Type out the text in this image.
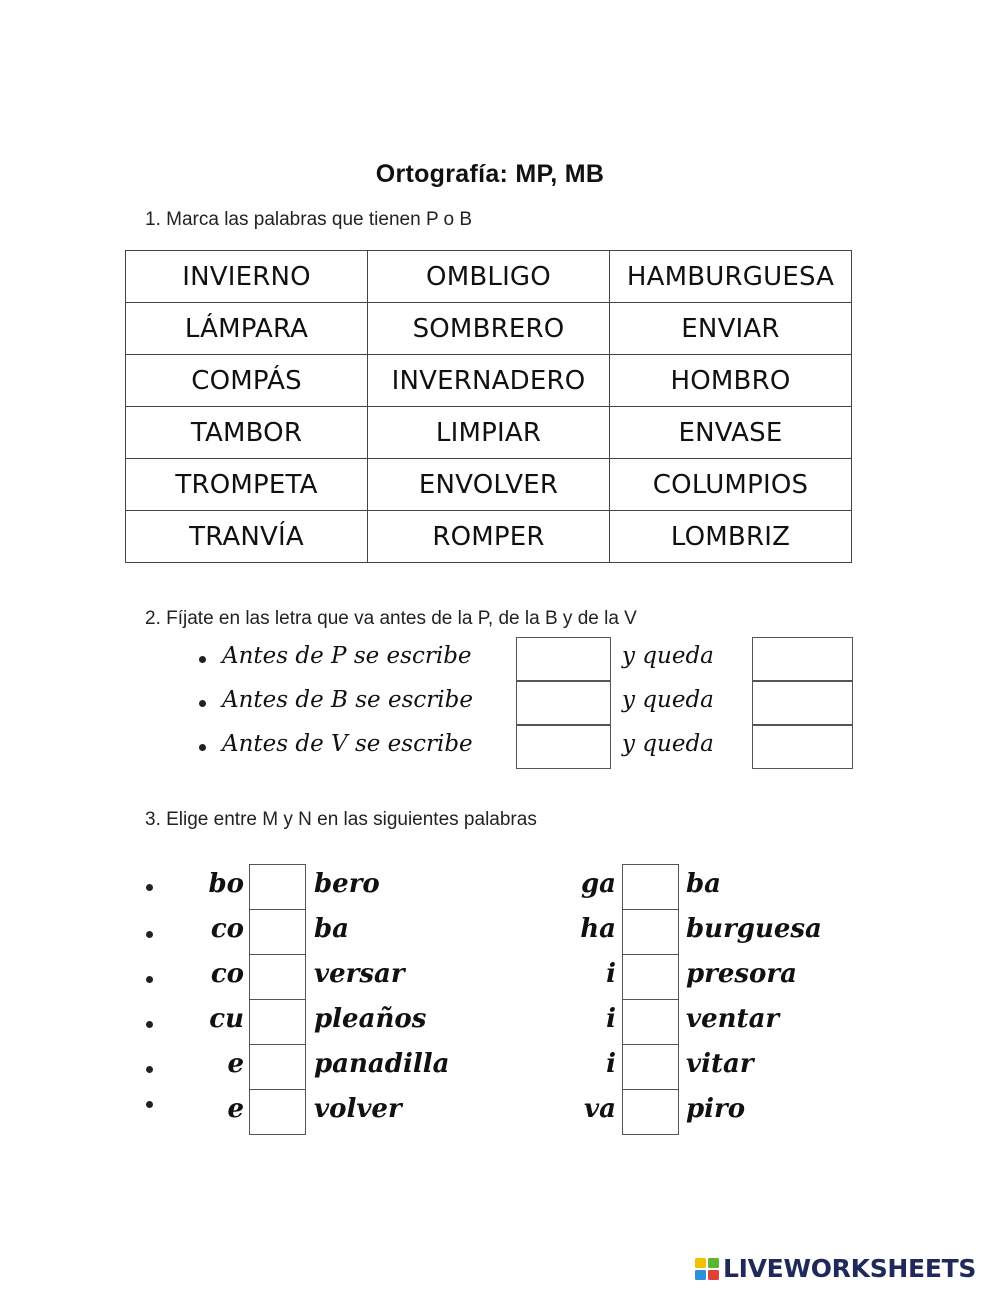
Ortografía: MP, MB
1. Marca las palabras que tienen P o B
INVIERNO	OMBLIGO	HAMBURGUESA
LÁMPARA	SOMBRERO	ENVIAR
COMPÁS	INVERNADERO	HOMBRO
TAMBOR	LIMPIAR	ENVASE
TROMPETA	ENVOLVER	COLUMPIOS
TRANVÍA	ROMPER	LOMBRIZ
2. Fíjate en las letra que va antes de la P, de la B y de la V
Antes de P se escribe	y queda
Antes de B se escribe	y queda
Antes de V se escribe	y queda
3. Elige entre M y N en las siguientes palabras
bo	bero	ga	ba
co	ba	ha	burguesa
co	versar	i	presora
cu	pleaños	i	ventar
e	panadilla	i	vitar
e	volver	va	piro
LIVEWORKSHEETS
